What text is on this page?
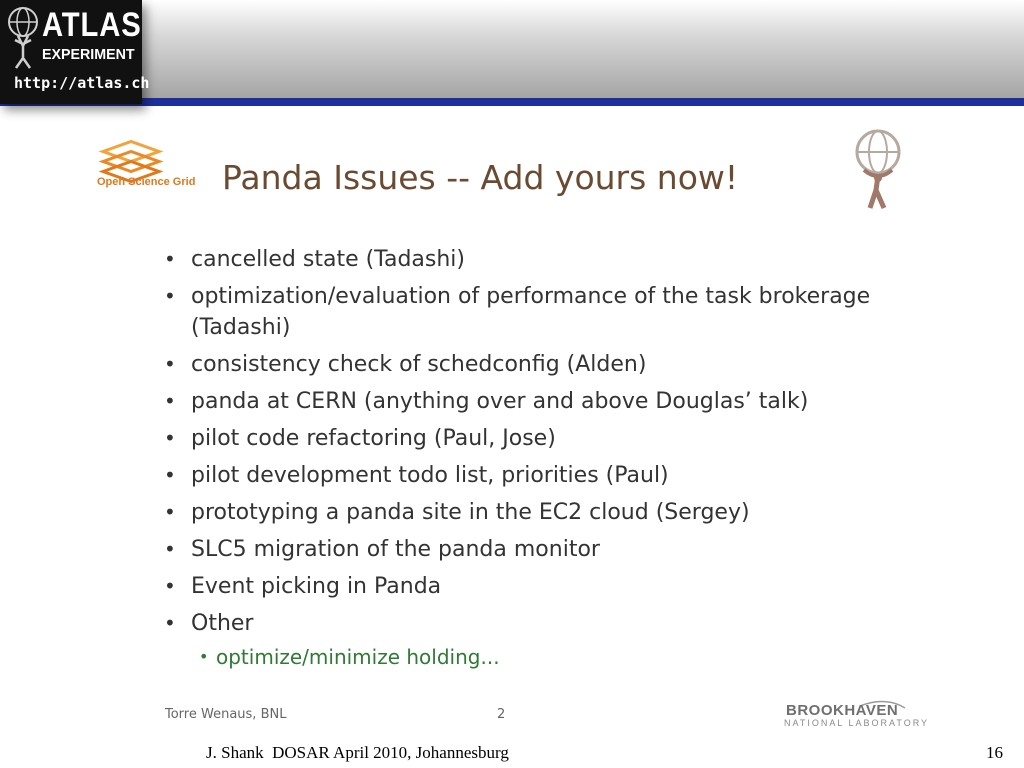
ATLAS
EXPERIMENT
http://atlas.ch
Open Science Grid Panda Issues -- Add yours now!
• cancelled state (Tadashi)
• optimization/evaluation of performance of the task brokerage (Tadashi)
• consistency check of schedconfig (Alden)
• panda at CERN (anything over and above Douglas’ talk)
• pilot code refactoring (Paul, Jose)
• pilot development todo list, priorities (Paul)
• prototyping a panda site in the EC2 cloud (Sergey)
• SLC5 migration of the panda monitor
• Event picking in Panda
• Other
• optimize/minimize holding...
Torre Wenaus, BNL	2	BROOKHAVEN
NATIONAL LABORATORY
J. Shank  DOSAR April 2010, Johannesburg	16
